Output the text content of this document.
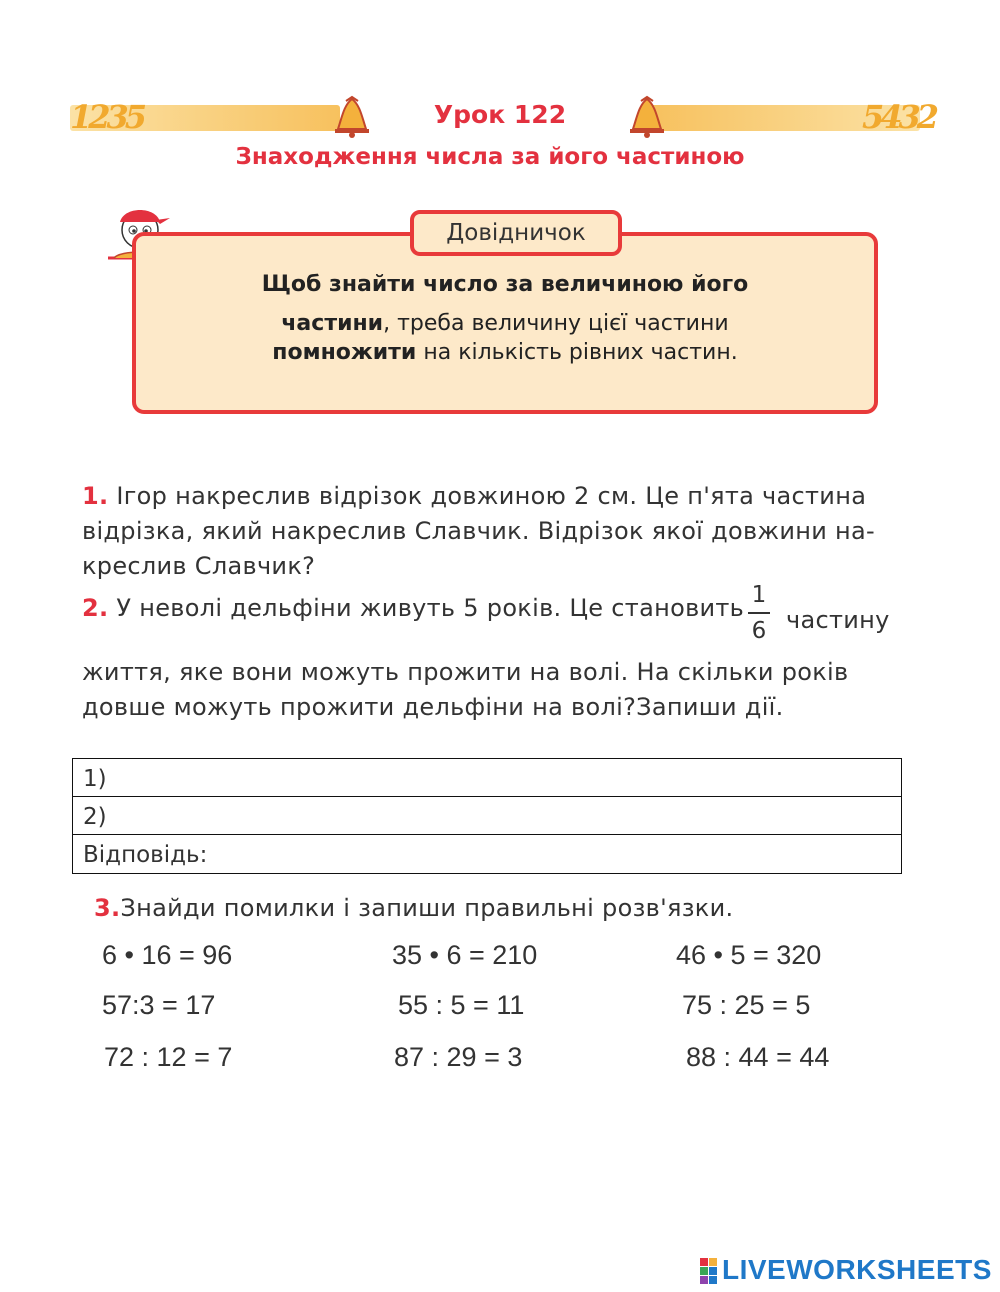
1235	5432
Урок 122
Знаходження числа за його частиною
Довідничок
Щоб знайти число за величиною його
частини, треба величину цієї частини
помножити на кількість рівних частин.
1. Ігор накреслив відрізок довжиною 2 см. Це п'ята частина
відрізка, який накреслив Славчик. Відрізок якої довжини на-
креслив Славчик?
2. У неволі дельфіни живуть 5 років. Це становить 1
6 частину
життя, яке вони можуть прожити на волі. На скільки років
довше можуть прожити дельфіни на волі?Запиши дії.
1)
2)
Відповідь:
3.Знайди помилки і запиши правильні розв'язки.
6 • 16 = 96	35 • 6 = 210	46 • 5 = 320
57:3 = 17	55 : 5 = 11	75 : 25 = 5
72 : 12 = 7	87 : 29 = 3	88 : 44 = 44
LIVEWORKSHEETS
